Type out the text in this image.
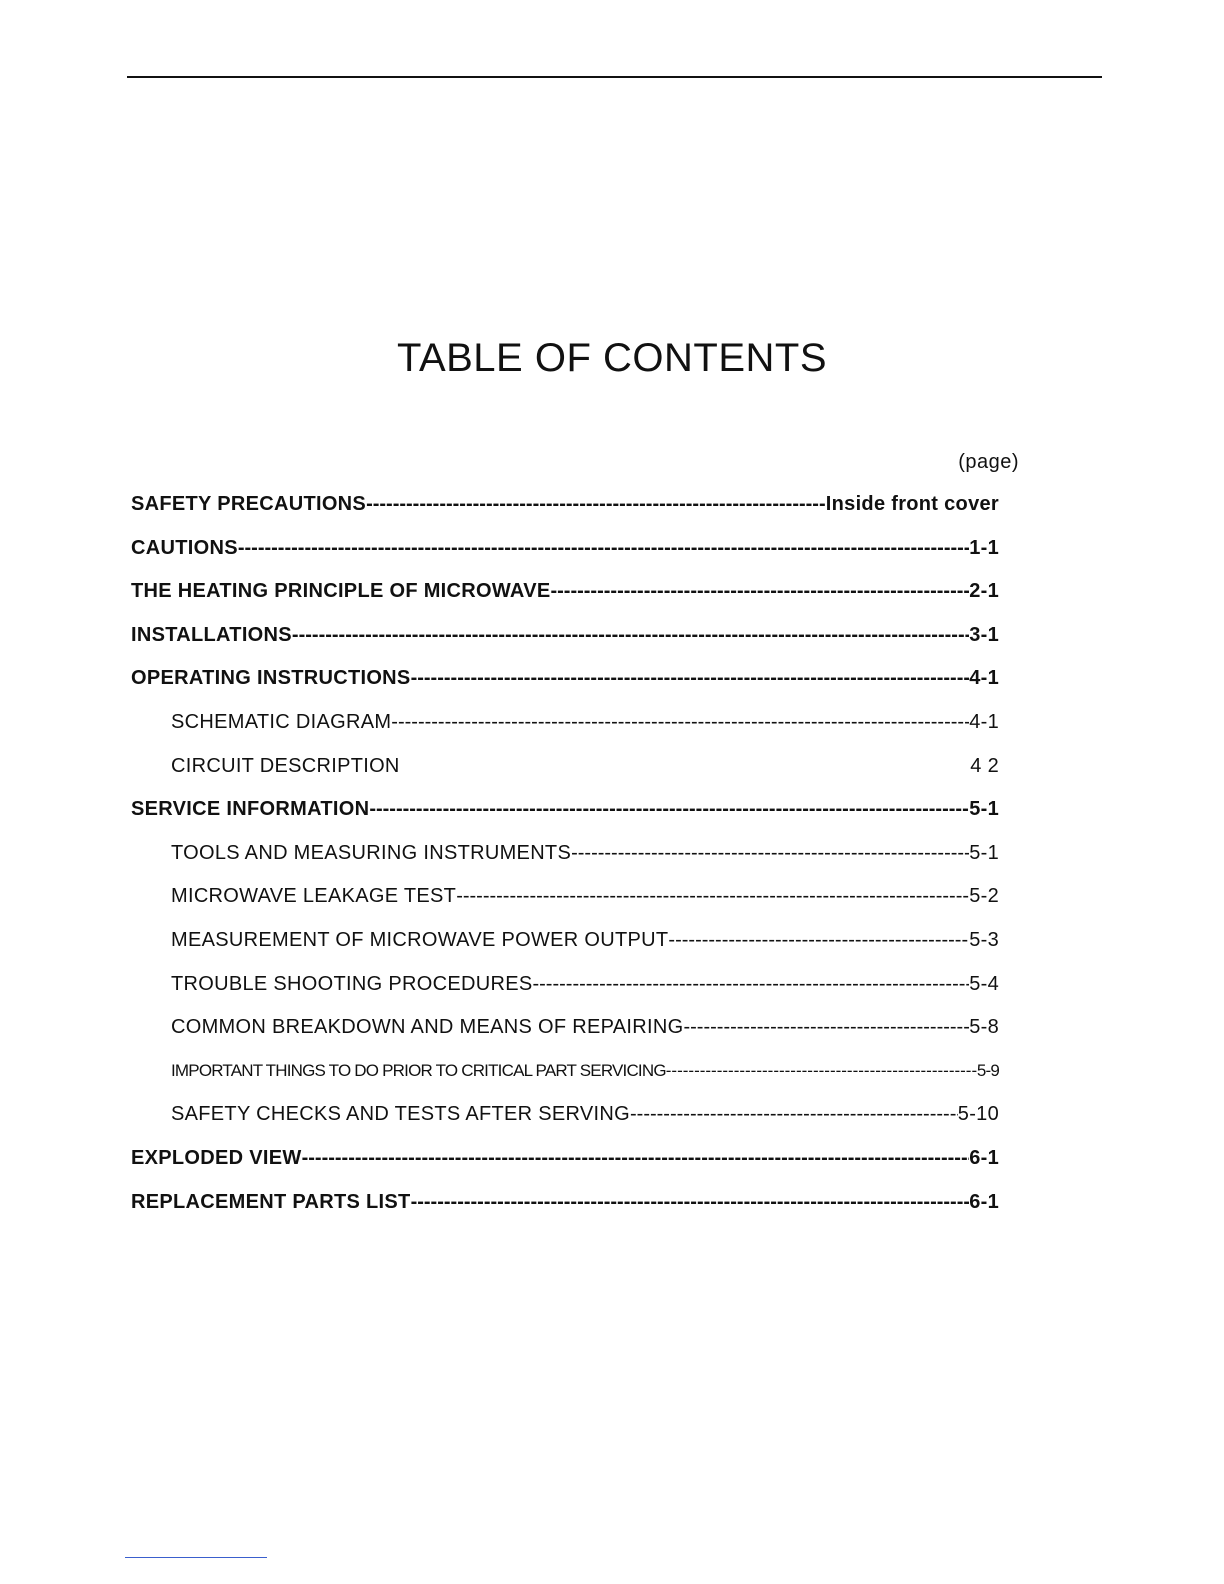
TABLE OF CONTENTS
(page)
SAFETY PRECAUTIONS -----	Inside front cover
CAUTIONS -----	1-1
THE HEATING PRINCIPLE OF MICROWAVE -----	2-1
INSTALLATIONS -----	3-1
OPERATING INSTRUCTIONS -----	4-1
SCHEMATIC DIAGRAM -----	4-1
CIRCUIT DESCRIPTION	4 2
SERVICE INFORMATION -----	5-1
TOOLS AND MEASURING INSTRUMENTS -----	5-1
MICROWAVE LEAKAGE TEST -----	5-2
MEASUREMENT OF MICROWAVE POWER OUTPUT -----	5-3
TROUBLE SHOOTING PROCEDURES -----	5-4
COMMON BREAKDOWN AND MEANS OF REPAIRING -----	5-8
IMPORTANT THINGS TO DO PRIOR TO CRITICAL PART SERVICING -----	5-9
SAFETY CHECKS AND TESTS AFTER SERVING -----	5-10
EXPLODED VIEW -----	6-1
REPLACEMENT PARTS LIST -----	6-1
